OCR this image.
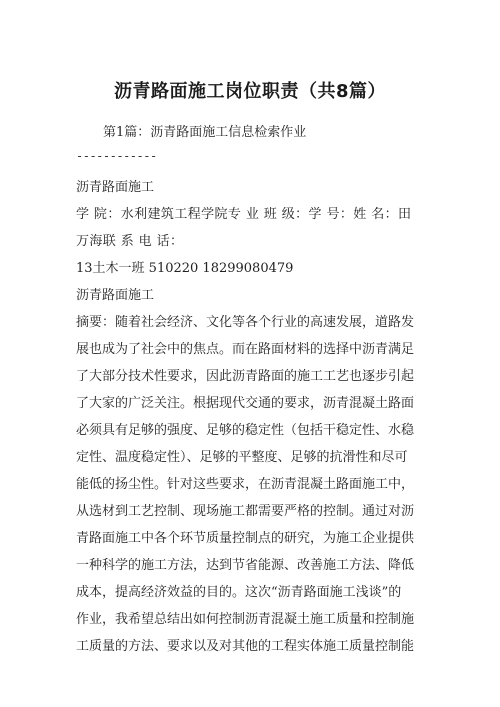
沥青路面施工岗位职责（共8篇）
第1篇：沥青路面施工信息检索作业
------------
沥青路面施工
学 院：水利建筑工程学院专 业 班 级：学 号：姓 名：田
万海联 系 电 话：
13土木一班 510220 18299080479
沥青路面施工
摘要：随着社会经济、文化等各个行业的高速发展，道路发
展也成为了社会中的焦点。而在路面材料的选择中沥青满足
了大部分技术性要求，因此沥青路面的施工工艺也逐步引起
了大家的广泛关注。根据现代交通的要求，沥青混凝土路面
必须具有足够的强度、足够的稳定性（包括干稳定性、水稳
定性、温度稳定性）、足够的平整度、足够的抗滑性和尽可
能低的扬尘性。针对这些要求，在沥青混凝土路面施工中，
从选材到工艺控制、现场施工都需要严格的控制。通过对沥
青路面施工中各个环节质量控制点的研究，为施工企业提供
一种科学的施工方法，达到节省能源、改善施工方法、降低
成本，提高经济效益的目的。这次“沥青路面施工浅谈”的
作业，我希望总结出如何控制沥青混凝土施工质量和控制施
工质量的方法、要求以及对其他的工程实体施工质量控制能
